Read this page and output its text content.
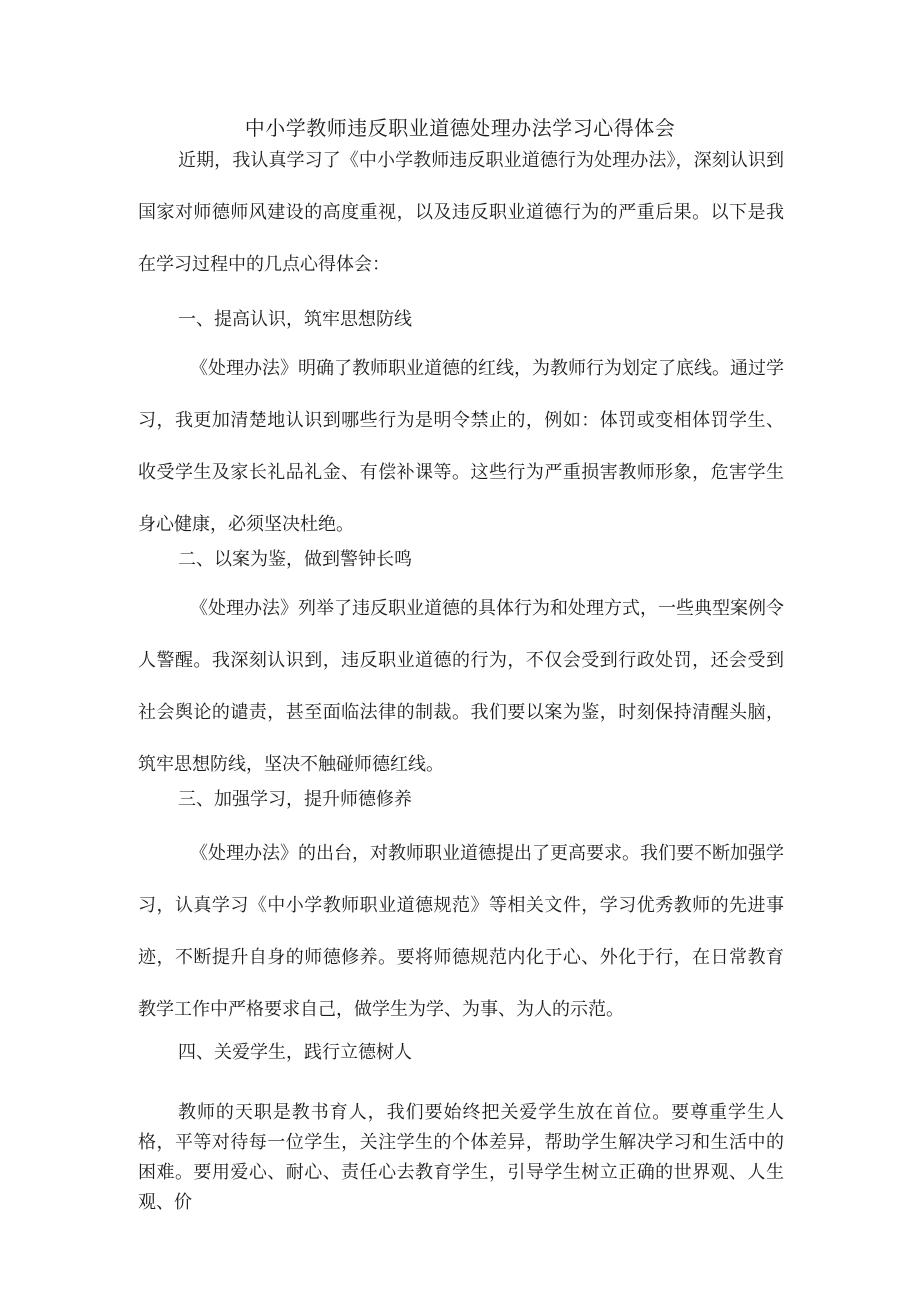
中小学教师违反职业道德处理办法学习心得体会

近期，我认真学习了《中小学教师违反职业道德行为处理办法》，深刻认识到国家对师德师风建设的高度重视，以及违反职业道德行为的严重后果。以下是我在学习过程中的几点心得体会：

一、提高认识，筑牢思想防线

《处理办法》明确了教师职业道德的红线，为教师行为划定了底线。通过学习，我更加清楚地认识到哪些行为是明令禁止的，例如：体罚或变相体罚学生、收受学生及家长礼品礼金、有偿补课等。这些行为严重损害教师形象，危害学生身心健康，必须坚决杜绝。

二、以案为鉴，做到警钟长鸣

《处理办法》列举了违反职业道德的具体行为和处理方式，一些典型案例令人警醒。我深刻认识到，违反职业道德的行为，不仅会受到行政处罚，还会受到社会舆论的谴责，甚至面临法律的制裁。我们要以案为鉴，时刻保持清醒头脑，筑牢思想防线，坚决不触碰师德红线。

三、加强学习，提升师德修养

《处理办法》的出台，对教师职业道德提出了更高要求。我们要不断加强学习，认真学习《中小学教师职业道德规范》等相关文件，学习优秀教师的先进事迹，不断提升自身的师德修养。要将师德规范内化于心、外化于行，在日常教育教学工作中严格要求自己，做学生为学、为事、为人的示范。

四、关爱学生，践行立德树人

教师的天职是教书育人，我们要始终把关爱学生放在首位。要尊重学生人格，平等对待每一位学生，关注学生的个体差异，帮助学生解决学习和生活中的困难。要用爱心、耐心、责任心去教育学生，引导学生树立正确的世界观、人生观、价
